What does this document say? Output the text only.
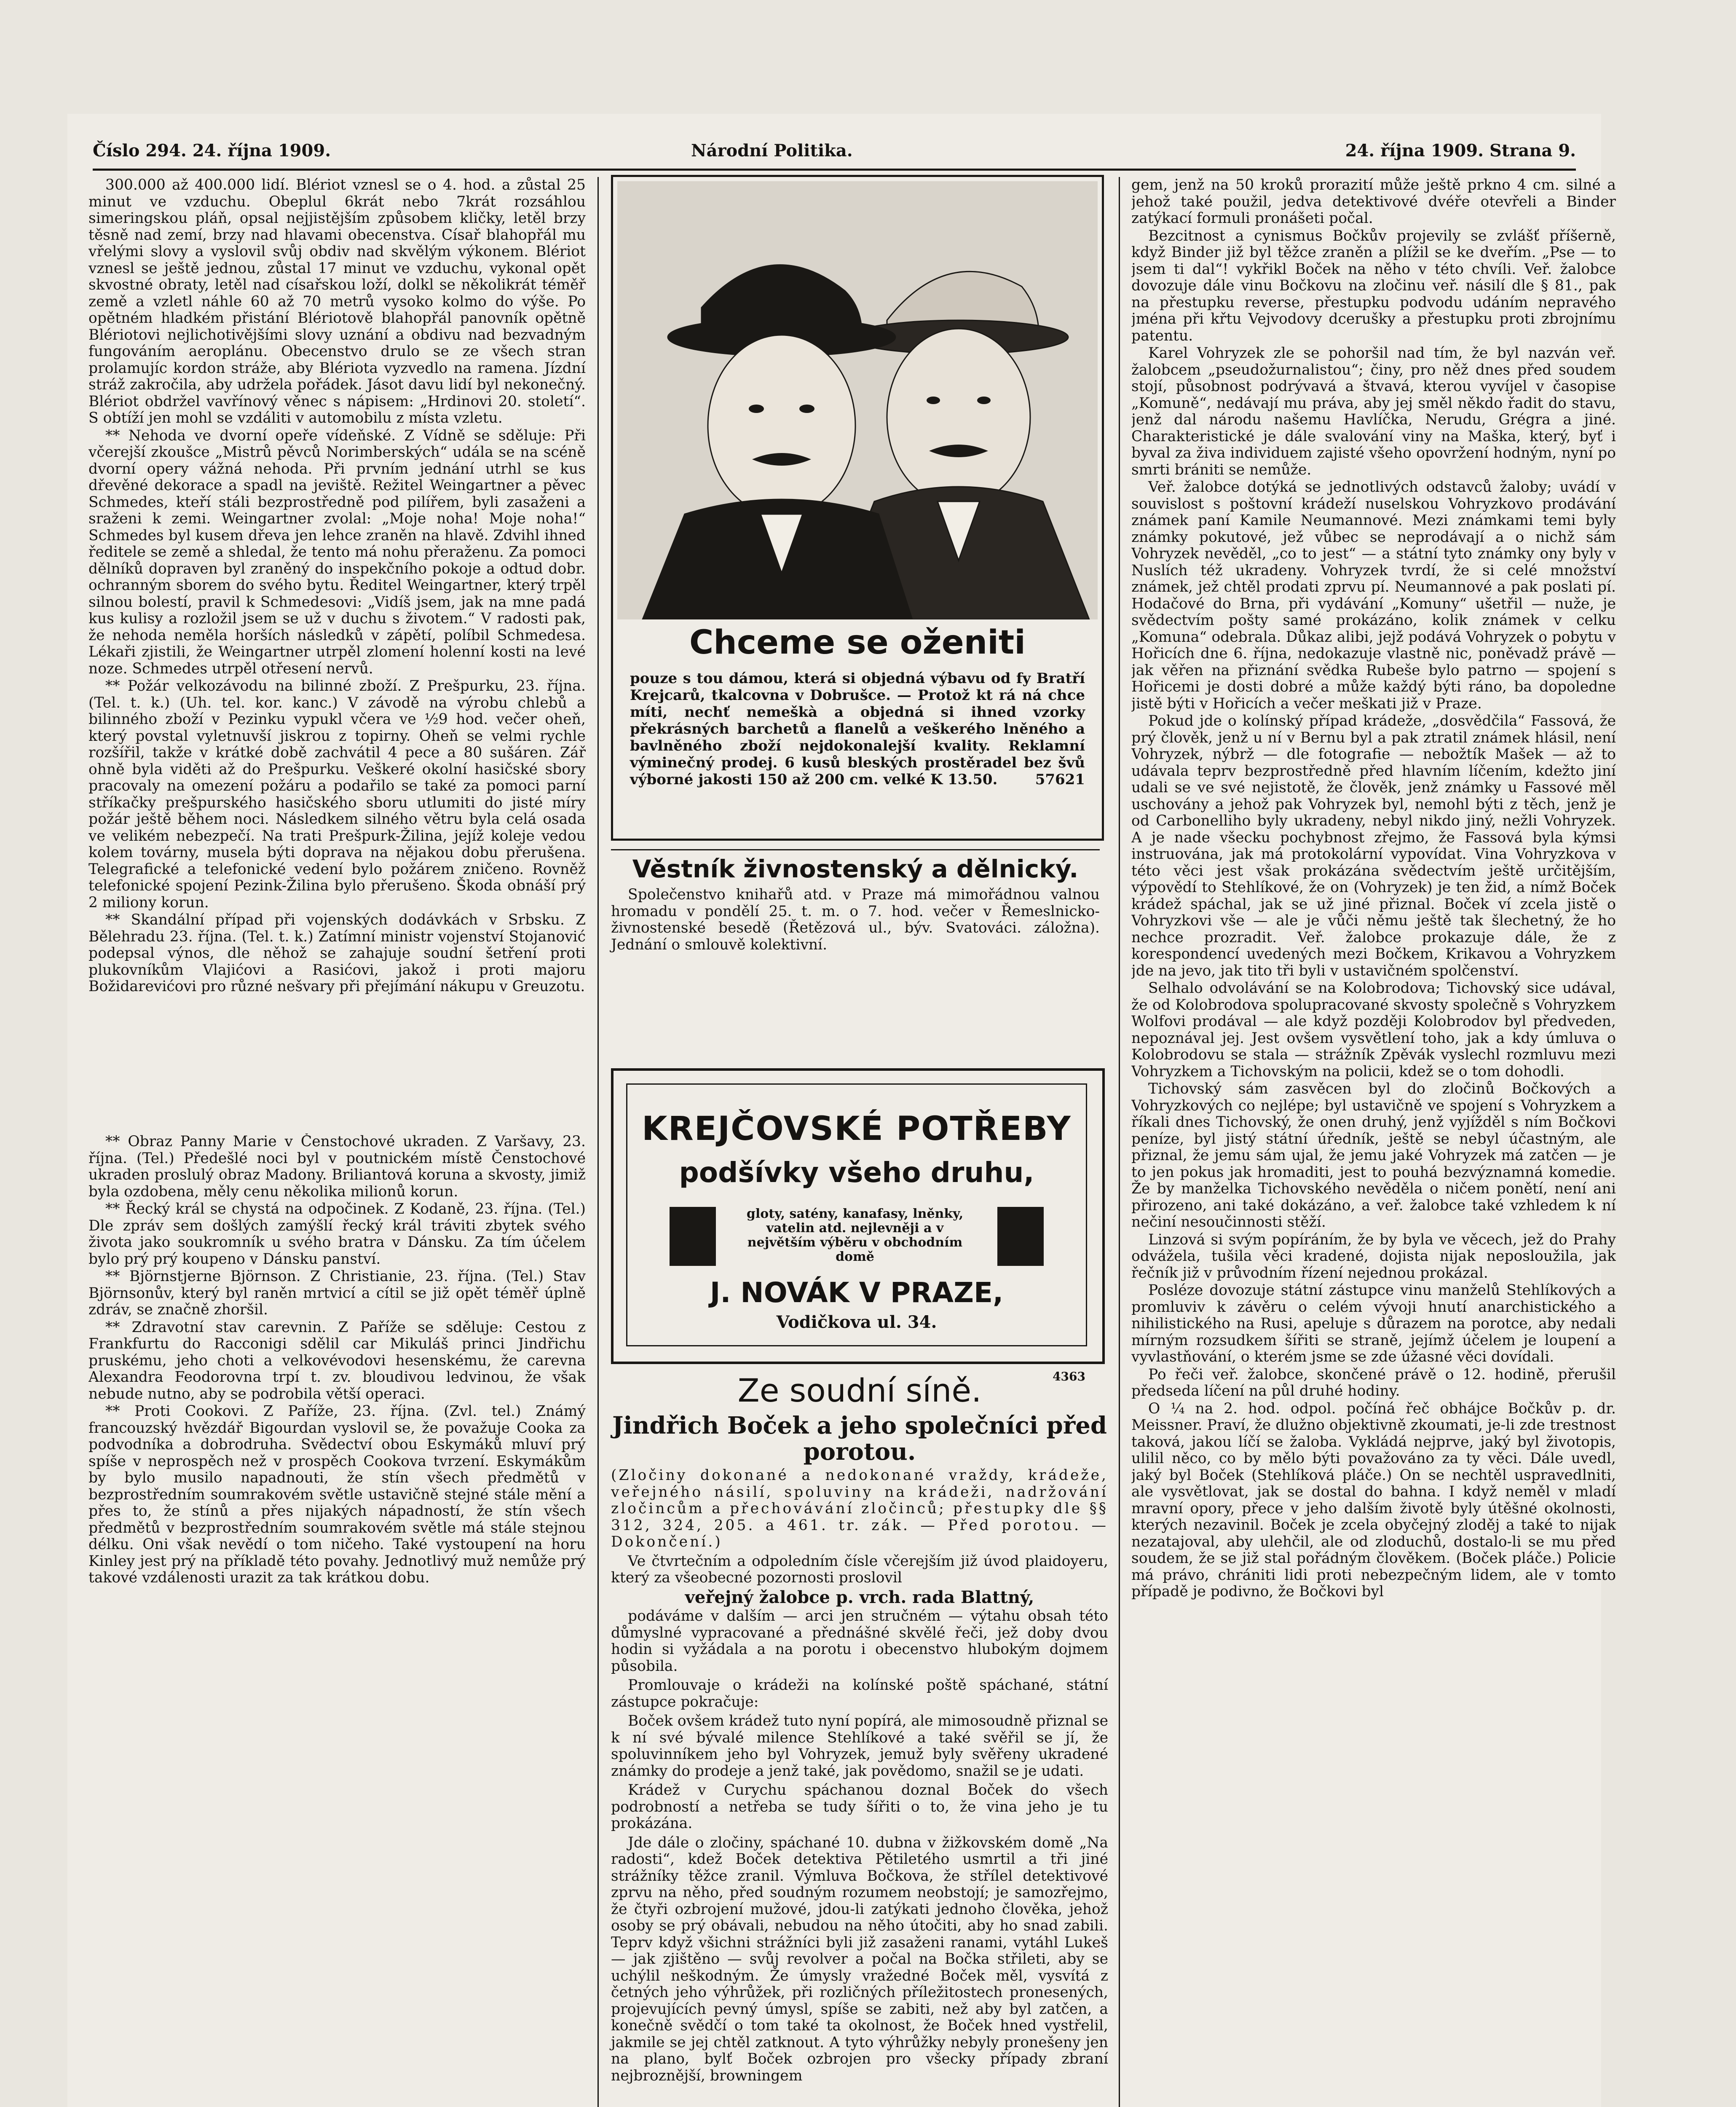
Číslo 294. 24. října 1909.	Národní Politika.	24. října 1909. Strana 9.

300.000 až 400.000 lidí. Blériot vznesl se o 4. hod. a zůstal 25 minut ve vzduchu. Obeplul 6krát nebo 7krát rozsáhlou simeringskou pláň, opsal nejjistějším způsobem kličky, letěl brzy těsně nad zemí, brzy nad hlavami obecenstva. Císař blahopřál mu vřelými slovy a vyslovil svůj obdiv nad skvělým výkonem. Blériot vznesl se ještě jednou, zůstal 17 minut ve vzduchu, vykonal opět skvostné obraty, letěl nad císařskou loží, dolkl se několikrát téměř země a vzletl náhle 60 až 70 metrů vysoko kolmo do výše. Po opětném hladkém přistání Blériotově blahopřál panovník opětně Blériotovi nejlichotivějšími slovy uznání a obdivu nad bezvadným fungováním aeroplánu. Obecenstvo drulo se ze všech stran prolamujíc kordon stráže, aby Blériota vyzvedlo na ramena. Jízdní stráž zakročila, aby udržela pořádek. Jásot davu lidí byl nekonečný. Blériot obdržel vavřínový věnec s nápisem: „Hrdinovi 20. století“. S obtíží jen mohl se vzdáliti v automobilu z místa vzletu.

** Nehoda ve dvorní opeře vídeňské. Z Vídně se sděluje: Při včerejší zkoušce „Mistrů pěvců Norimberských“ udála se na scéně dvorní opery vážná nehoda. Při prvním jednání utrhl se kus dřevěné dekorace a spadl na jeviště. Režitel Weingartner a pěvec Schmedes, kteří stáli bezprostředně pod pilířem, byli zasaženi a sraženi k zemi. Weingartner zvolal: „Moje noha! Moje noha!“ Schmedes byl kusem dřeva jen lehce zraněn na hlavě. Zdvihl ihned ředitele se země a shledal, že tento má nohu přeraženu. Za pomoci dělníků dopraven byl zraněný do inspekčního pokoje a odtud dobr. ochranným sborem do svého bytu. Ředitel Weingartner, který trpěl silnou bolestí, pravil k Schmedesovi: „Vidíš jsem, jak na mne padá kus kulisy a rozložil jsem se už v duchu s životem.“ V radosti pak, že nehoda neměla horších následků v zápětí, políbil Schmedesa. Lékaři zjistili, že Weingartner utrpěl zlomení holenní kosti na levé noze. Schmedes utrpěl otřesení nervů.

** Požár velkozávodu na bilinné zboží. Z Prešpurku, 23. října. (Tel. t. k.) (Uh. tel. kor. kanc.) V závodě na výrobu chlebů a bilinného zboží v Pezinku vypukl včera ve ½9 hod. večer oheň, který povstal vyletnuvší jiskrou z topirny. Oheň se velmi rychle rozšířil, takže v krátké době zachvátil 4 pece a 80 sušáren. Zář ohně byla viděti až do Prešpurku. Veškeré okolní hasičské sbory pracovaly na omezení požáru a podařilo se také za pomoci parní stříkačky prešpurského hasičského sboru utlumiti do jisté míry požár ještě během noci. Následkem silného větru byla celá osada ve velikém nebezpečí. Na trati Prešpurk-Žilina, jejíž koleje vedou kolem továrny, musela býti doprava na nějakou dobu přerušena. Telegrafické a telefonické vedení bylo požárem zničeno. Rovněž telefonické spojení Pezink-Žilina bylo přerušeno. Škoda obnáší prý 2 miliony korun.

** Skandální případ při vojenských dodávkách v Srbsku. Z Bělehradu 23. října. (Tel. t. k.) Zatímní ministr vojenství Stojanović podepsal výnos, dle něhož se zahajuje soudní šetření proti plukovníkům Vlajićovi a Rasićovi, jakož i proti majoru Božidarevićovi pro různé nešvary při přejímání nákupu v Greuzotu.

** Obraz Panny Marie v Čenstochové ukraden. Z Varšavy, 23. října. (Tel.) Předešlé noci byl v poutnickém místě Čenstochové ukraden proslulý obraz Madony. Briliantová koruna a skvosty, jimiž byla ozdobena, měly cenu několika milionů korun.

** Řecký král se chystá na odpočinek. Z Kodaně, 23. října. (Tel.) Dle zpráv sem došlých zamýšlí řecký král tráviti zbytek svého života jako soukromník u svého bratra v Dánsku. Za tím účelem bylo prý prý koupeno v Dánsku panství.

** Björnstjerne Björnson. Z Christianie, 23. října. (Tel.) Stav Björnsonův, který byl raněn mrtvicí a cítil se již opět téměř úplně zdráv, se značně zhoršil.

** Zdravotní stav carevnin. Z Paříže se sděluje: Cestou z Frankfurtu do Racconigi sdělil car Mikuláš princi Jindřichu pruskému, jeho choti a velkovévodovi hesenskému, že carevna Alexandra Feodorovna trpí t. zv. bloudivou ledvinou, že však nebude nutno, aby se podrobila větší operaci.

** Proti Cookovi. Z Paříže, 23. října. (Zvl. tel.) Známý francouzský hvězdář Bigourdan vyslovil se, že považuje Cooka za podvodníka a dobrodruha. Svědectví obou Eskymáků mluví prý spíše v neprospěch než v prospěch Cookova tvrzení. Eskymákům by bylo musilo napadnouti, že stín všech předmětů v bezprostředním soumrakovém světle ustavičně stejné stále mění a přes to, že stínů a přes nijakých nápadností, že stín všech předmětů v bezprostředním soumrakovém světle má stále stejnou délku. Oni však nevědí o tom ničeho. Také vystoupení na horu Kinley jest prý na příkladě této povahy. Jednotlivý muž nemůže prý takové vzdálenosti urazit za tak krátkou dobu.

Chceme se oženiti
pouze s tou dámou, která si objedná výbavu od fy Bratří Krejcarů, tkalcovna v Dobrušce. — Protož kt rá ná chce míti, nechť nemeškà a objedná si ihned vzorky překrásných barchetů a flanelů a veškerého lněného a bavlněného zboží nejdokonalejší kvality. Reklamní výminečný prodej. 6 kusů bleských prostěradel bez švů výborné jakosti 150 až 200 cm. velké K 13.50.	57621
Věstník živnostenský a dělnický.

Společenstvo knihařů atd. v Praze má mimořádnou valnou hromadu v pondělí 25. t. m. o 7. hod. večer v Řemeslnicko-živnostenské besedě (Řetězová ul., býv. Svatováci. záložna). Jednání o smlouvě kolektivní.

KREJČOVSKÉ POTŘEBY
podšívky všeho druhu,
gloty, satény, kanafasy, lněnky, vatelin atd. nejlevněji a v největším výběru v obchodním domě
J. NOVÁK V PRAZE,
Vodičkova ul. 34.
4363
Ze soudní síně.
Jindřich Boček a jeho společníci před porotou.

(Zločiny dokonané a nedokonané vraždy, krádeže, veřejného násilí, spoluviny na krádeži, nadržování zločincům a přechovávání zločinců; přestupky dle §§ 312, 324, 205. a 461. tr. zák. — Před porotou. — Dokončení.)

Ve čtvrtečním a odpoledním čísle včerejším již úvod plaidoyeru, který za všeobecné pozornosti proslovil

veřejný žalobce p. vrch. rada Blattný,

podáváme v dalším — arci jen stručném — výtahu obsah této důmyslné vypracované a přednášné skvělé řeči, jež doby dvou hodin si vyžádala a na porotu i obecenstvo hlubokým dojmem působila.

Promlouvaje o krádeži na kolínské poště spáchané, státní zástupce pokračuje:

Boček ovšem krádež tuto nyní popírá, ale mimosoudně přiznal se k ní své bývalé milence Stehlíkové a také svěřil se jí, že spoluvinníkem jeho byl Vohryzek, jemuž byly svěřeny ukradené známky do prodeje a jenž také, jak povědomo, snažil se je udati.

Krádež v Curychu spáchanou doznal Boček do všech podrobností a netřeba se tudy šířiti o to, že vina jeho je tu prokázána.

Jde dále o zločiny, spáchané 10. dubna v žižkovském domě „Na radosti“, kdež Boček detektiva Pětiletého usmrtil a tři jiné strážníky těžce zranil. Výmluva Bočkova, že střílel detektivové zprvu na něho, před soudným rozumem neobstojí; je samozřejmo, že čtyři ozbrojení mužové, jdou-li zatýkati jednoho člověka, jehož osoby se prý obávali, nebudou na něho útočiti, aby ho snad zabili. Teprv když všichni strážníci byli již zasaženi ranami, vytáhl Lukeš — jak zjištěno — svůj revolver a počal na Bočka střileti, aby se uchýlil neškodným. Že úmysly vražedné Boček měl, vysvítá z četných jeho výhrůžek, při rozličných příležitostech pronesených, projevujících pevný úmysl, spíše se zabiti, než aby byl zatčen, a konečně svědčí o tom také ta okolnost, že Boček hned vystřelil, jakmile se jej chtěl zatknout. A tyto výhrůžky nebyly pronešeny jen na plano, bylť Boček ozbrojen pro všecky případy zbraní nejbroznější, browningem

gem, jenž na 50 kroků prorazití může ještě prkno 4 cm. silné a jehož také použil, jedva detektivové dvéře otevřeli a Binder zatýkací formuli pronášeti počal.

Bezcitnost a cynismus Bočkův projevily se zvlášť příšerně, když Binder již byl těžce zraněn a plížil se ke dveřím. „Pse — to jsem ti dal“! vykřikl Boček na něho v této chvíli. Veř. žalobce dovozuje dále vinu Bočkovu na zločinu veř. násilí dle § 81., pak na přestupku reverse, přestupku podvodu udáním nepravého jména při křtu Vejvodovy dcerušky a přestupku proti zbrojnímu patentu.

Karel Vohryzek zle se pohoršil nad tím, že byl nazván veř. žalobcem „pseudožurnalistou“; činy, pro něž dnes před soudem stojí, působnost podrývavá a štvavá, kterou vyvíjel v časopise „Komuně“, nedávají mu práva, aby jej směl někdo řadit do stavu, jenž dal národu našemu Havlíčka, Nerudu, Grégra a jiné. Charakteristické je dále svalování viny na Maška, který, byť i byval za živa individuem zajisté všeho opovržení hodným, nyní po smrti brániti se nemůže.

Veř. žalobce dotýká se jednotlivých odstavců žaloby; uvádí v souvislost s poštovní krádeží nuselskou Vohryzkovo prodávání známek paní Kamile Neumannové. Mezi známkami temi byly známky pokutové, jež vůbec se neprodávají a o nichž sám Vohryzek nevěděl, „co to jest“ — a státní tyto známky ony byly v Nuslích též ukradeny. Vohryzek tvrdí, že si celé množství známek, jež chtěl prodati zprvu pí. Neumannové a pak poslati pí. Hodačové do Brna, při vydávání „Komuny“ ušetřil — nuže, je svědectvím pošty samé prokázáno, kolik známek v celku „Komuna“ odebrala. Důkaz alibi, jejž podává Vohryzek o pobytu v Hořicích dne 6. října, nedokazuje vlastně nic, poněvadž právě — jak věřen na přiznání svědka Rubeše bylo patrno — spojení s Hořicemi je dosti dobré a může každý býti ráno, ba dopoledne jistě býti v Hořicích a večer meškati již v Praze.

Pokud jde o kolínský případ krádeže, „dosvědčila“ Fassová, že prý člověk, jenž u ní v Bernu byl a pak ztratil známek hlásil, není Vohryzek, nýbrž — dle fotografie — nebožtík Mašek — až to udávala teprv bezprostředně před hlavním líčením, kdežto jiní udali se ve své nejistotě, že člověk, jenž známky u Fassové měl uschovány a jehož pak Vohryzek byl, nemohl býti z těch, jenž je od Carbonelliho byly ukradeny, nebyl nikdo jiný, nežli Vohryzek. A je nade všecku pochybnost zřejmo, že Fassová byla kýmsi instruována, jak má protokolární vypovídat. Vina Vohryzkova v této věci jest však prokázána svědectvím ještě určitějším, výpovědí to Stehlíkové, že on (Vohryzek) je ten žid, a nímž Boček krádež spáchal, jak se už jiné přiznal. Boček ví zcela jistě o Vohryzkovi vše — ale je vůči němu ještě tak šlechetný, že ho nechce prozradit. Veř. žalobce prokazuje dále, že z korespondencí uvedených mezi Bočkem, Krikavou a Vohryzkem jde na jevo, jak tito tři byli v ustavičném spolčenství.

Selhalo odvolávání se na Kolobrodova; Tichovský sice udával, že od Kolobrodova spolupracované skvosty společně s Vohryzkem Wolfovi prodával — ale když později Kolobrodov byl předveden, nepoznával jej. Jest ovšem vysvětlení toho, jak a kdy úmluva o Kolobrodovu se stala — strážník Zpěvák vyslechl rozmluvu mezi Vohryzkem a Tichovským na policii, kdež se o tom dohodli.

Tichovský sám zasvěcen byl do zločinů Bočkových a Vohryzkových co nejlépe; byl ustavičně ve spojení s Vohryzkem a říkali dnes Tichovský, že onen druhý, jenž vyjížděl s ním Bočkovi peníze, byl jistý státní úředník, ještě se nebyl účastným, ale přiznal, že jemu sám ujal, že jemu jaké Vohryzek má zatčen — je to jen pokus jak hromaditi, jest to pouhá bezvýznamná komedie. Že by manželka Tichovského nevěděla o ničem ponětí, není ani přirozeno, ani také dokázáno, a veř. žalobce také vzhledem k ní nečiní nesoučinnosti stěží.

Linzová si svým popíráním, že by byla ve věcech, jež do Prahy odvážela, tušila věci kradené, dojista nijak neposloužila, jak řečník již v průvodním řízení nejednou prokázal.

Posléze dovozuje státní zástupce vinu manželů Stehlíkových a promluviv k závěru o celém vývoji hnutí anarchistického a nihilistického na Rusi, apeluje s důrazem na porotce, aby nedali mírným rozsudkem šířiti se straně, jejímž účelem je loupení a vyvlastňování, o kterém jsme se zde úžasné věci dovídali.

Po řeči veř. žalobce, skončené právě o 12. hodině, přerušil předseda líčení na půl druhé hodiny.

O ¼ na 2. hod. odpol. počíná řeč obhájce Bočkův p. dr. Meissner. Praví, že dlužno objektivně zkoumati, je-li zde trestnost taková, jakou líčí se žaloba. Vykládá nejprve, jaký byl životopis, ulilil něco, co by mělo býti považováno za ty věci. Dále uvedl, jaký byl Boček (Stehlíková pláče.) On se nechtěl uspravedlniti, ale vysvětlovat, jak se dostal do bahna. I když neměl v mladí mravní opory, přece v jeho dalším životě byly útěšné okolnosti, kterých nezavinil. Boček je zcela obyčejný zloděj a také to nijak nezatajoval, aby ulehčil, ale od zloduchů, dostalo-li se mu před soudem, že se již stal pořádným člověkem. (Boček pláče.) Policie má právo, chrániti lidi proti nebezpečným lidem, ale v tomto případě je podivno, že Bočkovi byl
